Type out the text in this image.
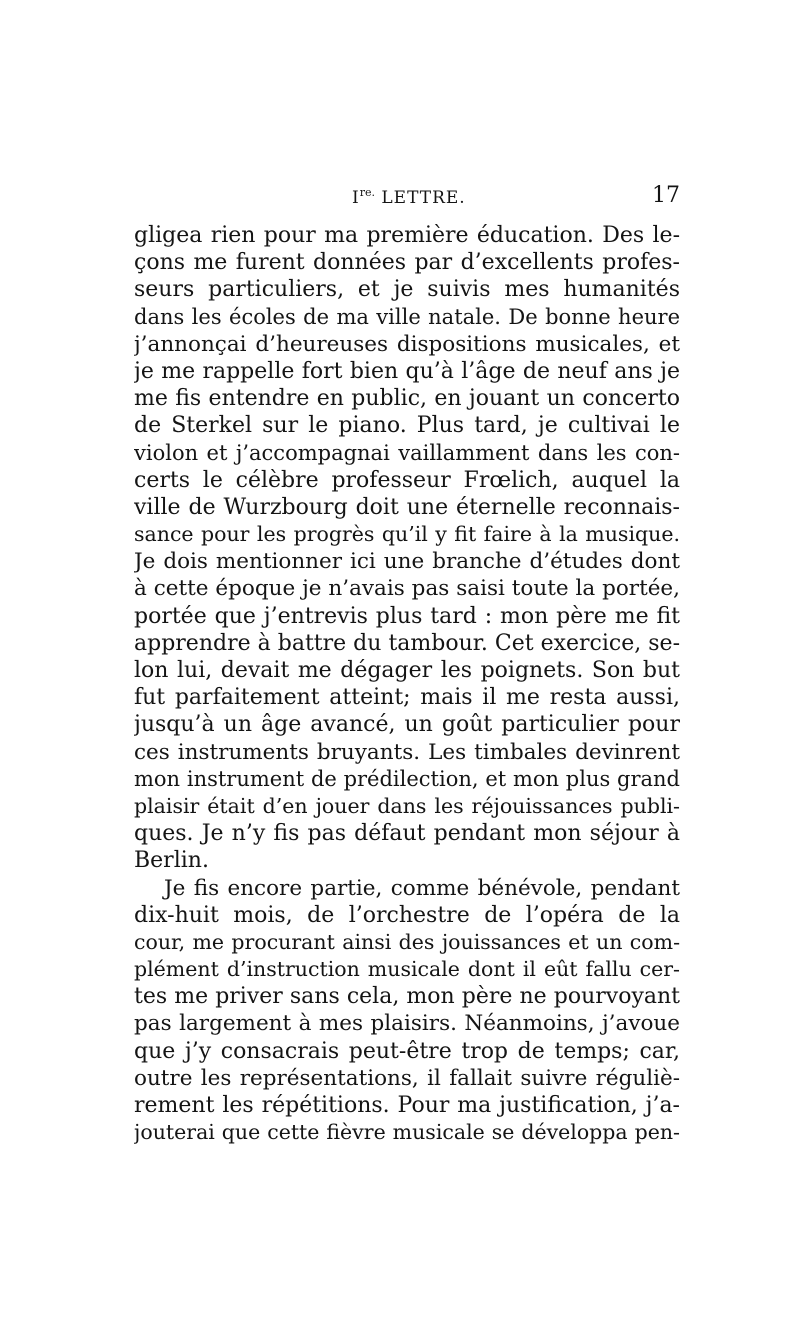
$I^{re.}$ LETTRE.	17
gligea rien pour ma première éducation. Des le-
çons me furent données par d’excellents profes-
seurs particuliers, et je suivis mes humanités
dans les écoles de ma ville natale. De bonne heure
j’annonçai d’heureuses dispositions musicales, et
je me rappelle fort bien qu’à l’âge de neuf ans je
me fis entendre en public, en jouant un concerto
de Sterkel sur le piano. Plus tard, je cultivai le
violon et j’accompagnai vaillamment dans les con-
certs le célèbre professeur Frœlich, auquel la
ville de Wurzbourg doit une éternelle reconnais-
sance pour les progrès qu’il y fit faire à la musique.
Je dois mentionner ici une branche d’études dont
à cette époque je n’avais pas saisi toute la portée,
portée que j’entrevis plus tard : mon père me fit
apprendre à battre du tambour. Cet exercice, se-
lon lui, devait me dégager les poignets. Son but
fut parfaitement atteint; mais il me resta aussi,
jusqu’à un âge avancé, un goût particulier pour
ces instruments bruyants. Les timbales devinrent
mon instrument de prédilection, et mon plus grand
plaisir était d’en jouer dans les réjouissances publi-
ques. Je n’y fis pas défaut pendant mon séjour à
Berlin.
Je fis encore partie, comme bénévole, pendant
dix-huit mois, de l’orchestre de l’opéra de la
cour, me procurant ainsi des jouissances et un com-
plément d’instruction musicale dont il eût fallu cer-
tes me priver sans cela, mon père ne pourvoyant
pas largement à mes plaisirs. Néanmoins, j’avoue
que j’y consacrais peut-être trop de temps; car,
outre les représentations, il fallait suivre réguliè-
rement les répétitions. Pour ma justification, j’a-
jouterai que cette fièvre musicale se développa pen-
